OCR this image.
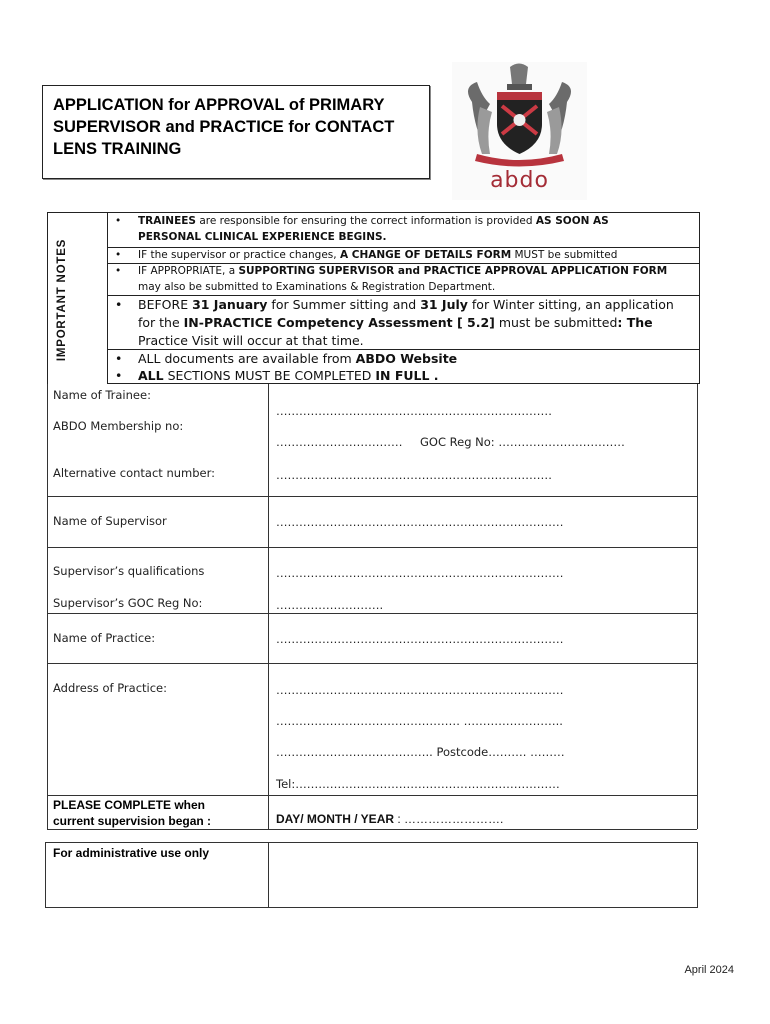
APPLICATION for APPROVAL of PRIMARY
SUPERVISOR and PRACTICE for CONTACT
LENS TRAINING
abdo
IMPORTANT NOTES
• TRAINEES are responsible for ensuring the correct information is provided AS SOON AS
PERSONAL CLINICAL EXPERIENCE BEGINS.
• IF the supervisor or practice changes, A CHANGE OF DETAILS FORM MUST be submitted
• IF APPROPRIATE, a SUPPORTING SUPERVISOR and PRACTICE APPROVAL APPLICATION FORM
may also be submitted to Examinations & Registration Department.
• BEFORE 31 January for Summer sitting and 31 July for Winter sitting, an application
for the IN-PRACTICE Competency Assessment [ 5.2] must be submitted: The
Practice Visit will occur at that time.
• ALL documents are available from ABDO Website
• ALL SECTIONS MUST BE COMPLETED IN FULL .
Name of Trainee:
………………………………………………………………
ABDO Membership no:
…………………………… GOC Reg No: ……………………………
Alternative contact number:	………………………………………………………………
Name of Supervisor	…………………………………………………………………
Supervisor’s qualifications	…………………………………………………………………
Supervisor’s GOC Reg No:	……………………….
Name of Practice:	…………………………………………………………………
Address of Practice:	…………………………………………………………………
………………………………………… ……………………..
………………………………….. Postcode………. ………
Tel:……………………………………………………………
PLEASE COMPLETE when
current supervision began :	DAY/ MONTH / YEAR : …………………….
For administrative use only
April 2024
